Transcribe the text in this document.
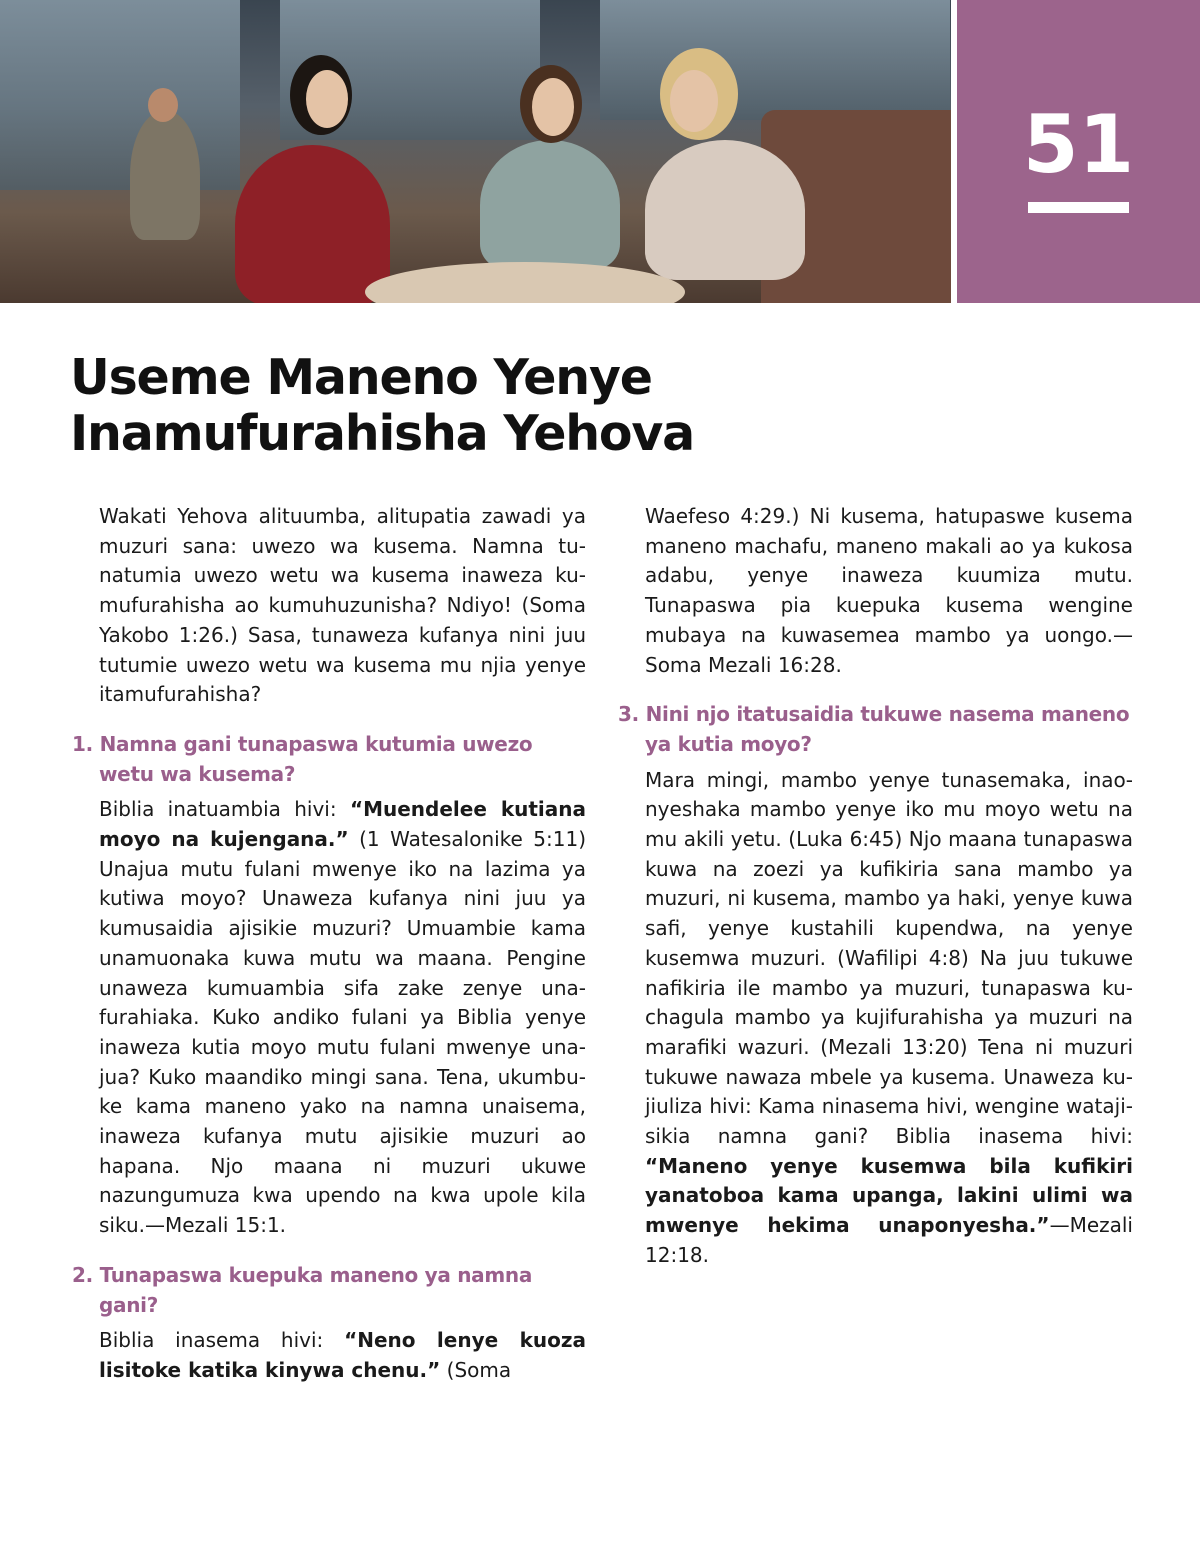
51
Useme Maneno Yenye
Inamufurahisha Yehova

Wakati Yehova alituumba, alitupatia zawadi ya muzuri sana: uwezo wa kusema. Namna tunatumia uwezo wetu wa kusema inaweza kumufurahisha ao kumuhuzunisha? Ndiyo! (Soma Yakobo 1:26.) Sasa, tunaweza kufanya nini juu tutumie uwezo wetu wa kusema mu njia yenye itamufurahisha?

1. Namna gani tunapaswa kutumia uwezo wetu wa kusema?

Biblia inatuambia hivi: “Muendelee kutiana moyo na kujengana.” (1 Watesalonike 5:11) Unajua mutu fulani mwenye iko na lazima ya kutiwa moyo? Unaweza kufanya nini juu ya kumusaidia ajisikie muzuri? Umuambie kama unamuonaka kuwa mutu wa maana. Pengine unaweza kumuambia sifa zake zenye unafurahiaka. Kuko andiko fulani ya Biblia yenye inaweza kutia moyo mutu fulani mwenye unajua? Kuko maandiko mingi sana. Tena, ukumbuke kama maneno yako na namna unaisema, inaweza kufanya mutu ajisikie muzuri ao hapana. Njo maana ni muzuri ukuwe nazungumuza kwa upendo na kwa upole kila siku.—Mezali 15:1.

2. Tunapaswa kuepuka maneno ya namna gani?

Biblia inasema hivi: “Neno lenye kuoza lisitoke katika kinywa chenu.” (Soma

Waefeso 4:29.) Ni kusema, hatupaswe kusema maneno machafu, maneno makali ao ya kukosa adabu, yenye inaweza kuumiza mutu. Tunapaswa pia kuepuka kusema wengine mubaya na kuwasemea mambo ya uongo.—Soma Mezali 16:28.

3. Nini njo itatusaidia tukuwe nasema maneno ya kutia moyo?

Mara mingi, mambo yenye tunasemaka, inaonyeshaka mambo yenye iko mu moyo wetu na mu akili yetu. (Luka 6:45) Njo maana tunapaswa kuwa na zoezi ya kufikiria sana mambo ya muzuri, ni kusema, mambo ya haki, yenye kuwa safi, yenye kustahili kupendwa, na yenye kusemwa muzuri. (Wafilipi 4:8) Na juu tukuwe nafikiria ile mambo ya muzuri, tunapaswa kuchagula mambo ya kujifurahisha ya muzuri na marafiki wazuri. (Mezali 13:20) Tena ni muzuri tukuwe nawaza mbele ya kusema. Unaweza kujiuliza hivi: Kama ninasema hivi, wengine watajisikia namna gani? Biblia inasema hivi: “Maneno yenye kusemwa bila kufikiri yanatoboa kama upanga, lakini ulimi wa mwenye hekima unaponyesha.”—Mezali 12:18.
